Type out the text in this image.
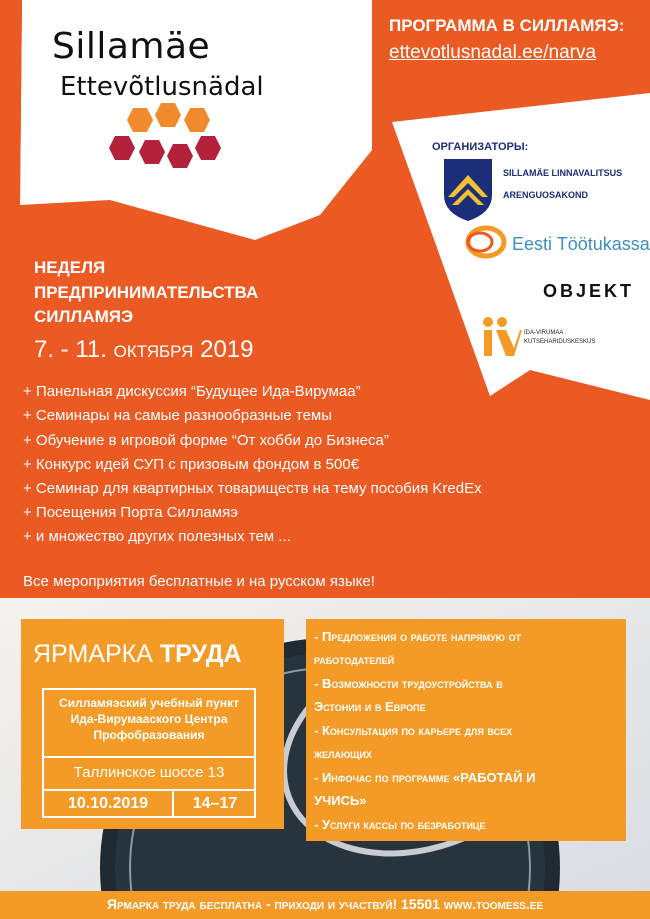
Sillamäe
Ettevõtlusnädal
ПРОГРАММА В СИЛЛАМЯЭ:
ettevotlusnadal.ee/narva
ОРГАНИЗАТОРЫ:
SILLAMÄE LINNAVALITSUS
ARENGUOSAKOND
Eesti Töötukassa
OBJEKT
IDA-VIRUMAA
KUTSEHARIDUSKESKUS
НЕДЕЛЯ
ПРЕДПРИНИМАТЕЛЬСТВА
СИЛЛАМЯЭ
7. - 11. ОКТЯБРЯ 2019
+ Панельная дискуссия “Будущее Ида-Вирумаа”
+ Семинары на самые разнообразные темы
+ Обучение в игровой форме “От хобби до Бизнеса”
+ Конкурс идей СУП с призовым фондом в 500€
+ Семинар для квартирных товариществ на тему пособия KredEx
+ Посещения Порта Силламяэ
+ и множество других полезных тем ...
Все мероприятия бесплатные и на русском языке!
ЯРМАРКА ТРУДА
Силламяэский учебный пункт
Ида-Вирумааского Центра
Профобразования
Таллинское шоссе 13
10.10.2019	14–17
- Предложения о работе напрямую от
работодателей
- Возможности трудоустройства в
Эстонии и в Европе
- Консультация по карьере для всех
желающих
- Инфочас по программе «РАБОТАЙ И
УЧИСЬ»
- Услуги кассы по безработице
Ярмарка труда бесплатна - приходи и участвуй! 15501 www.toomess.ee
